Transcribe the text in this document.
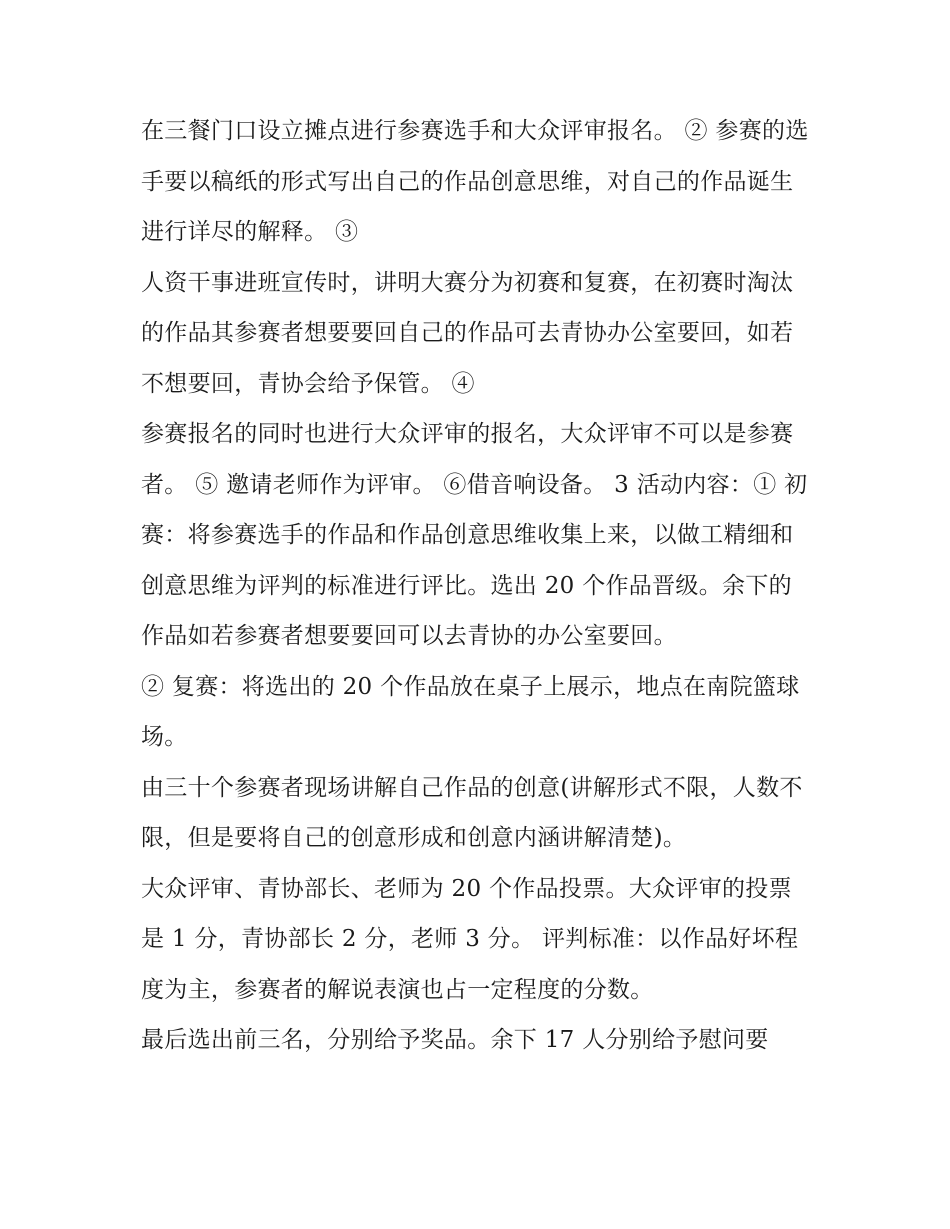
在三餐门口设立摊点进行参赛选手和大众评审报名。 ② 参赛的选手要以稿纸的形式写出自己的作品创意思维，对自己的作品诞生进行详尽的解释。 ③

人资干事进班宣传时，讲明大赛分为初赛和复赛，在初赛时淘汰的作品其参赛者想要要回自己的作品可去青协办公室要回，如若不想要回，青协会给予保管。 ④

参赛报名的同时也进行大众评审的报名，大众评审不可以是参赛者。 ⑤ 邀请老师作为评审。 ⑥借音响设备。 3 活动内容：① 初赛：将参赛选手的作品和作品创意思维收集上来，以做工精细和创意思维为评判的标准进行评比。选出 20 个作品晋级。余下的作品如若参赛者想要要回可以去青协的办公室要回。

② 复赛：将选出的 20 个作品放在桌子上展示，地点在南院篮球场。

由三十个参赛者现场讲解自己作品的创意(讲解形式不限，人数不限，但是要将自己的创意形成和创意内涵讲解清楚)。

大众评审、青协部长、老师为 20 个作品投票。大众评审的投票是 1 分，青协部长 2 分，老师 3 分。 评判标准：以作品好坏程度为主，参赛者的解说表演也占一定程度的分数。

最后选出前三名，分别给予奖品。余下 17 人分别给予慰问要
